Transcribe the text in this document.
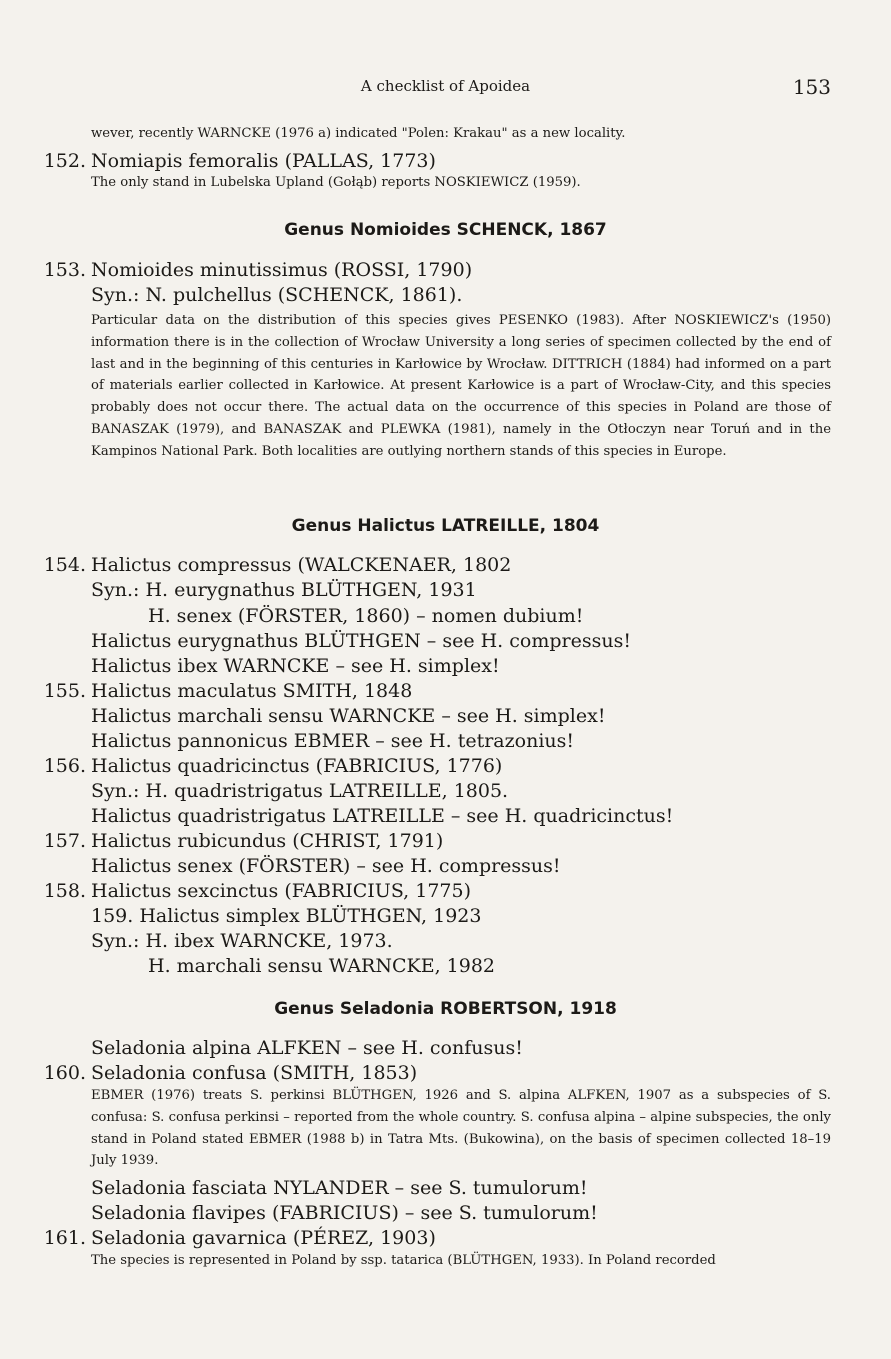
A checklist of Apoidea	153
wever, recently WARNCKE (1976 a) indicated "Polen: Krakau" as a new locality.
152. Nomiapis femoralis (PALLAS, 1773)
The only stand in Lubelska Upland (Gołąb) reports NOSKIEWICZ (1959).
Genus Nomioides SCHENCK, 1867
153. Nomioides minutissimus (ROSSI, 1790)
Syn.: N. pulchellus (SCHENCK, 1861).
Particular data on the distribution of this species gives PESENKO (1983). After NOSKIEWICZ's (1950) information there is in the collection of Wrocław University a long series of specimen collected by the end of last and in the beginning of this centuries in Karłowice by Wrocław. DITTRICH (1884) had informed on a part of materials earlier collected in Karłowice. At present Karłowice is a part of Wrocław-City, and this species probably does not occur there. The actual data on the occurrence of this species in Poland are those of BANASZAK (1979), and BANASZAK and PLEWKA (1981), namely in the Otłoczyn near Toruń and in the Kampinos National Park. Both localities are outlying northern stands of this species in Europe.
Genus Halictus LATREILLE, 1804
154. Halictus compressus (WALCKENAER, 1802
Syn.: H. eurygnathus BLÜTHGEN, 1931
H. senex (FÖRSTER, 1860) – nomen dubium!
Halictus eurygnathus BLÜTHGEN – see H. compressus!
Halictus ibex WARNCKE – see H. simplex!
155. Halictus maculatus SMITH, 1848
Halictus marchali sensu WARNCKE – see H. simplex!
Halictus pannonicus EBMER – see H. tetrazonius!
156. Halictus quadricinctus (FABRICIUS, 1776)
Syn.: H. quadristrigatus LATREILLE, 1805.
Halictus quadristrigatus LATREILLE – see H. quadricinctus!
157. Halictus rubicundus (CHRIST, 1791)
Halictus senex (FÖRSTER) – see H. compressus!
158. Halictus sexcinctus (FABRICIUS, 1775)
159. Halictus simplex BLÜTHGEN, 1923
Syn.: H. ibex WARNCKE, 1973.
H. marchali sensu WARNCKE, 1982
Genus Seladonia ROBERTSON, 1918
Seladonia alpina ALFKEN – see H. confusus!
160. Seladonia confusa (SMITH, 1853)
EBMER (1976) treats S. perkinsi BLÜTHGEN, 1926 and S. alpina ALFKEN, 1907 as a subspecies of S. confusa: S. confusa perkinsi – reported from the whole country. S. confusa alpina – alpine subspecies, the only stand in Poland stated EBMER (1988 b) in Tatra Mts. (Bukowina), on the basis of specimen collected 18–19 July 1939.
Seladonia fasciata NYLANDER – see S. tumulorum!
Seladonia flavipes (FABRICIUS) – see S. tumulorum!
161. Seladonia gavarnica (PÉREZ, 1903)
The species is represented in Poland by ssp. tatarica (BLÜTHGEN, 1933). In Poland recorded
